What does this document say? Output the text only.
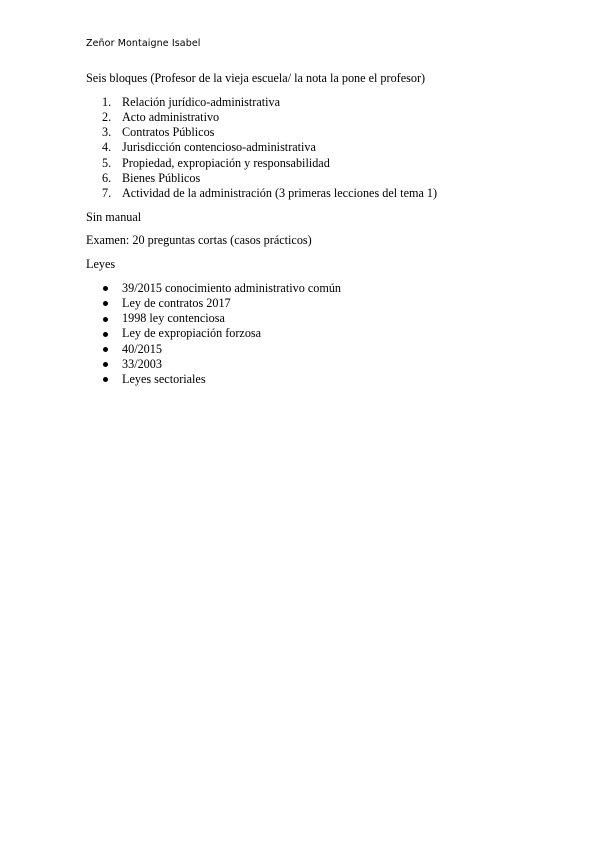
Zeñor Montaigne Isabel

Seis bloques (Profesor de la vieja escuela/ la nota la pone el profesor)

1. Relación jurídico-administrativa
2. Acto administrativo
3. Contratos Públicos
4. Jurisdicción contencioso-administrativa
5. Propiedad, expropiación y responsabilidad
6. Bienes Públicos
7. Actividad de la administración (3 primeras lecciones del tema 1)

Sin manual

Examen: 20 preguntas cortas (casos prácticos)

Leyes

39/2015 conocimiento administrativo común
Ley de contratos 2017
1998 ley contenciosa
Ley de expropiación forzosa
40/2015
33/2003
Leyes sectoriales
